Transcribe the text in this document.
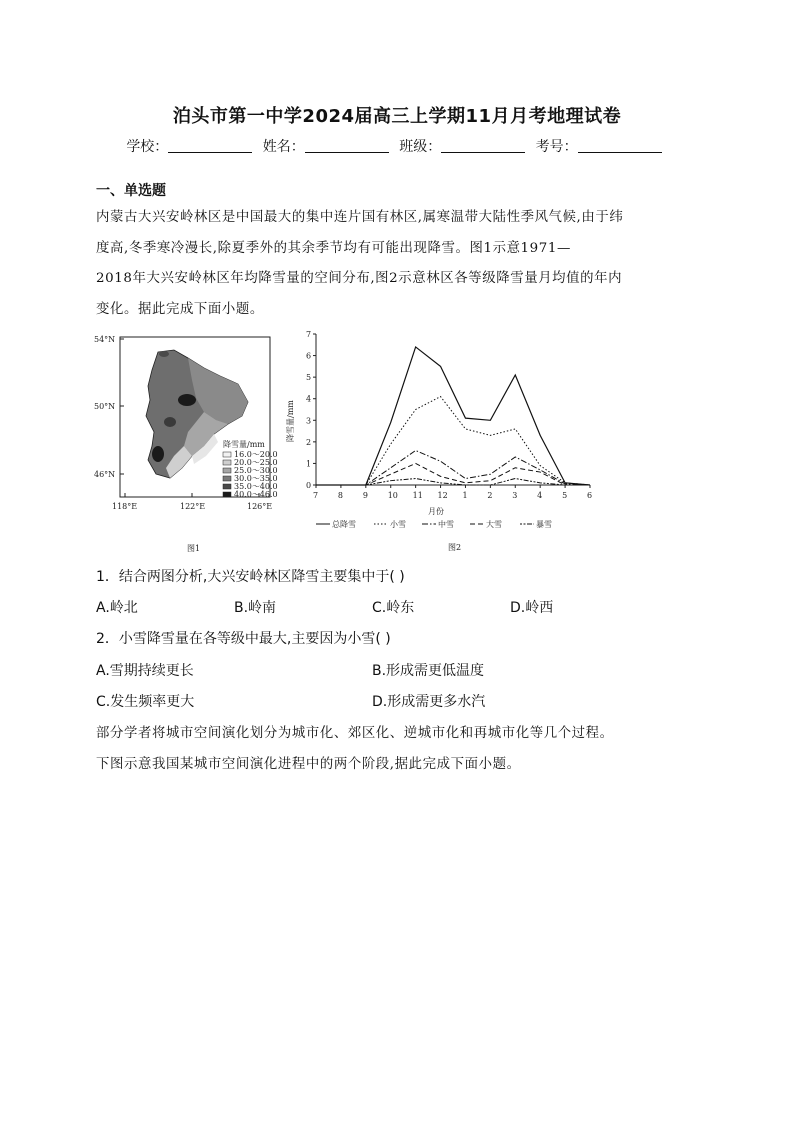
泊头市第一中学2024届高三上学期11月月考地理试卷
学校：	姓名：	班级：	考号：
一、单选题
内蒙古大兴安岭林区是中国最大的集中连片国有林区,属寒温带大陆性季风气候,由于纬
度高,冬季寒冷漫长,除夏季外的其余季节均有可能出现降雪。图1示意1971—
2018年大兴安岭林区年均降雪量的空间分布,图2示意林区各等级降雪量月均值的年内
变化。据此完成下面小题。
54°N
50°N
46°N
118°E	122°E	126°E
降雪量/mm
16.0～20.0
20.0～25.0
25.0～30.0
30.0～35.0
35.0～40.0
40.0～46.0
图1
0
1
2
3
4
5
6
7
7 8 9 10 11 12 1 2 3 4 5 6
降雪量/mm
月份
总降雪	小雪	中雪	大雪	暴雪
图2
1．结合两图分析,大兴安岭林区降雪主要集中于( )
A.岭北	B.岭南	C.岭东	D.岭西
2．小雪降雪量在各等级中最大,主要因为小雪( )
A.雪期持续更长	B.形成需更低温度
C.发生频率更大	D.形成需更多水汽
部分学者将城市空间演化划分为城市化、郊区化、逆城市化和再城市化等几个过程。
下图示意我国某城市空间演化进程中的两个阶段,据此完成下面小题。
